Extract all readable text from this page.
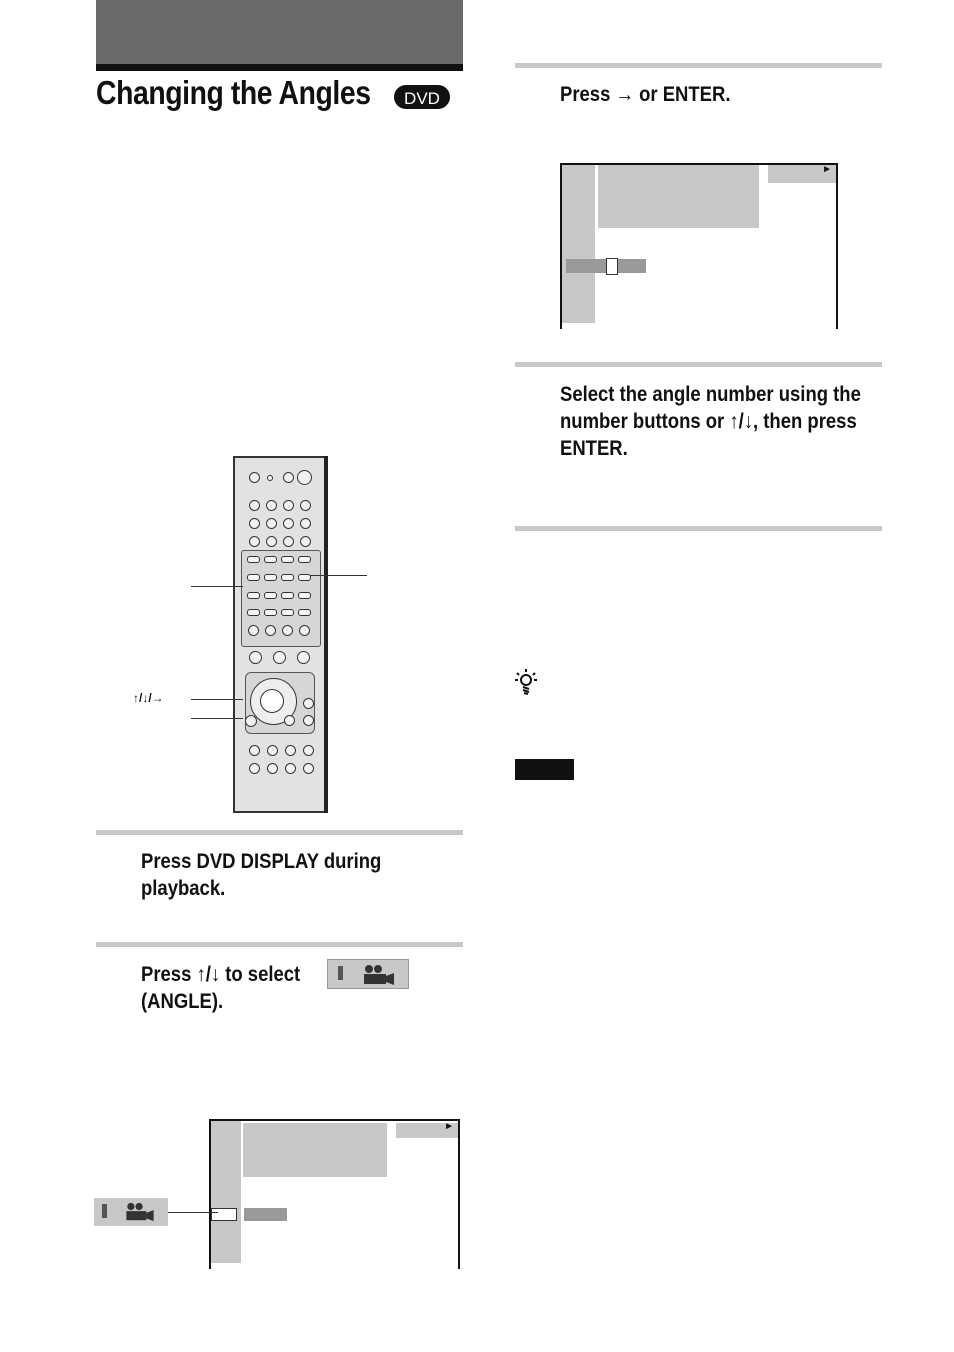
Changing the Angles	DVD
↑/↓/→
Press DVD DISPLAY during playback.
Press ↑/↓ to select
(ANGLE).
►
Press → or ENTER.
►
Select the angle number using the number buttons or ↑/↓, then press ENTER.
